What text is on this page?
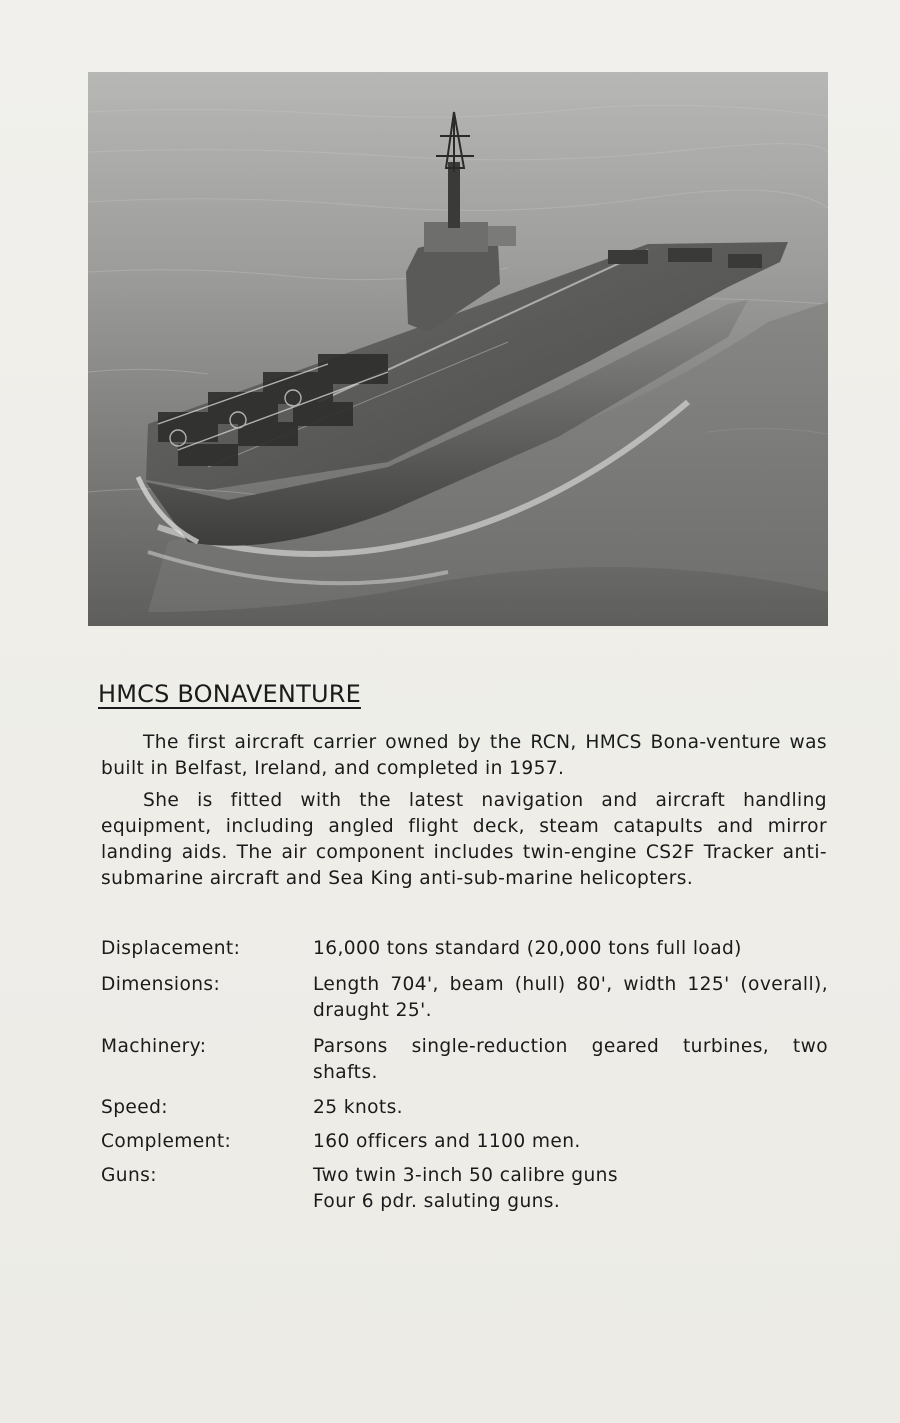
HMCS BONAVENTURE

The first aircraft carrier owned by the RCN, HMCS Bona-venture was built in Belfast, Ireland, and completed in 1957.

She is fitted with the latest navigation and aircraft handling equipment, including angled flight deck, steam catapults and mirror landing aids. The air component includes twin-engine CS2F Tracker anti-submarine aircraft and Sea King anti-sub-marine helicopters.

Displacement:	16,000 tons standard (20,000 tons full load)
Dimensions:	Length 704', beam (hull) 80', width 125' (overall), draught 25'.
Machinery:	Parsons single-reduction geared turbines, two shafts.
Speed:	25 knots.
Complement:	160 officers and 1100 men.
Guns:	Two twin 3-inch 50 calibre guns
Four 6 pdr. saluting guns.
